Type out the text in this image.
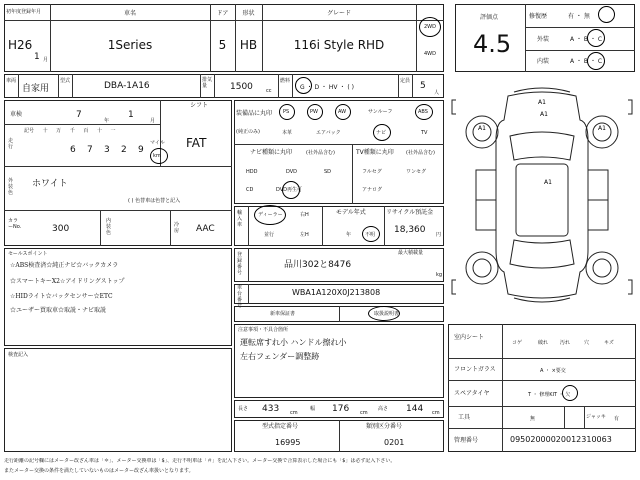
初年度登録年月
H26
1 月
車名
1Series
ドア
5
形状
HB
グレード
116i Style RHD
2WD
4WD
評価点
4.5
修復歴	有 ・ 無
外装	A ・ B ・ C
内装	A ・ B ・ C
車両
自家用
型式	DBA-1A16
排気量	1500	cc
燃料
G ・ D ・ HV ・ ( )
定員 5
人
車検	7
年
1
月
シフト
FAT
走行
記号 十 万 千 百 十 一
6 7 3 2 9
マイル
km
外装色
ホワイト
( ) 色替車は色替と記入
カラーNo.	300
内装色
冷房 AAC
装備品に丸印
(純正のみ)
PS	PW	AW	サンルーフ	ABS
本革	エアバック	ナビ	TV
ナビ種類に丸印	(社外品含む)
HDD	DVD	SD
CD	DVD再生可
TV種類に丸印 (社外品含む)
フルセグ	ワンセグ
アナログ
輸入車
ディーラー	右H
並行	左H
モデル年式
年	不明
リサイクル預託金
18,360 円
セールスポイント
☆ABS検査済☆純正ナビ☆バックカメラ
☆スマートキーX2☆アイドリングストップ
☆HIDライト☆バックセンサー☆ETC
☆ユーザー買取車☆取説・ナビ取説
検査記入
最大積載量
登録番号
品川302と8476
kg
車台番号
WBA1A120X0J213808
新車保証書	取扱説明書
注意事項・不具合箇所
運転席すれ小 ハンドル擦れ小
左右フェンダー調整跡
長さ 433 cm
幅 176 cm
高さ 144 cm
型式指定番号
16995
類別区分番号
0201
A1
A1	A1
A1
A1
室内シート
コゲ	破れ 汚れ	穴	キズ
フロントガラス	A ・ ×要交
スペアタイヤ	T ・ 修理KIT ・ 欠
工具	無	ジャッキ 有
管理番号	09502000020012310063
走行距離の記号欄にはメーター改ざん車は「＊」、メーター交換車は「$」、走行不明車は「＃」を記入下さい。メーター交換で合算表示した場合にも「$」は必ず記入下さい。
またメーター交換の条件を満たしていないものはメーター改ざん車扱いとなります。
